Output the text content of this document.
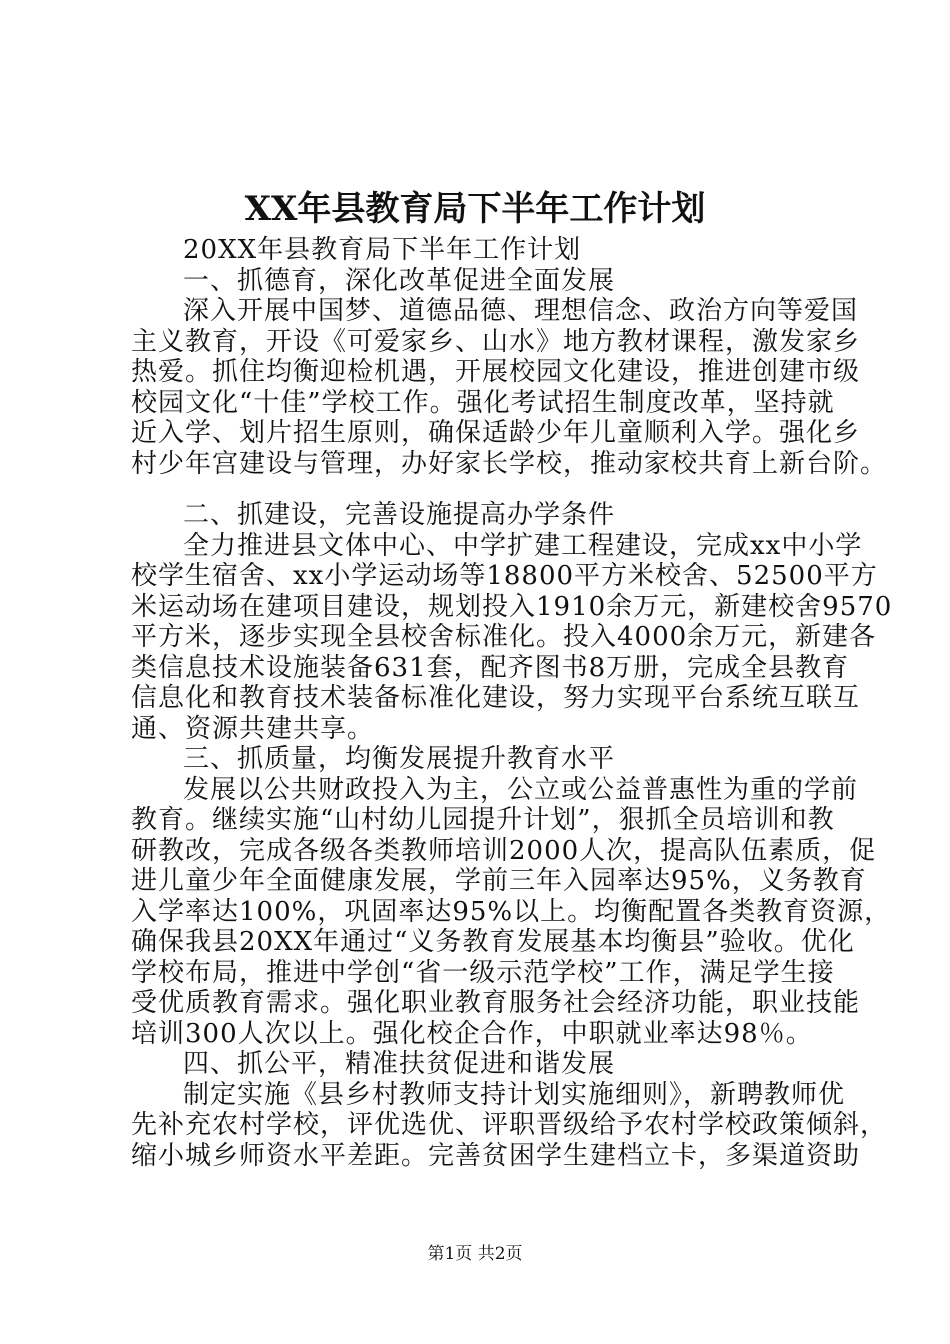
XX年县教育局下半年工作计划
20XX年县教育局下半年工作计划
一、抓德育，深化改革促进全面发展
深入开展中国梦、道德品德、理想信念、政治方向等爱国
主义教育，开设《可爱家乡、山水》地方教材课程，激发家乡
热爱。抓住均衡迎检机遇，开展校园文化建设，推进创建市级
校园文化“十佳”学校工作。强化考试招生制度改革，坚持就
近入学、划片招生原则，确保适龄少年儿童顺利入学。强化乡
村少年宫建设与管理，办好家长学校，推动家校共育上新台阶。
二、抓建设，完善设施提高办学条件
全力推进县文体中心、中学扩建工程建设，完成xx中小学
校学生宿舍、xx小学运动场等18800平方米校舍、52500平方
米运动场在建项目建设，规划投入1910余万元，新建校舍9570
平方米，逐步实现全县校舍标准化。投入4000余万元，新建各
类信息技术设施装备631套，配齐图书8万册，完成全县教育
信息化和教育技术装备标准化建设，努力实现平台系统互联互
通、资源共建共享。
三、抓质量，均衡发展提升教育水平
发展以公共财政投入为主，公立或公益普惠性为重的学前
教育。继续实施“山村幼儿园提升计划”，狠抓全员培训和教
研教改，完成各级各类教师培训2000人次，提高队伍素质，促
进儿童少年全面健康发展，学前三年入园率达95%，义务教育
入学率达100%，巩固率达95%以上。均衡配置各类教育资源，
确保我县20XX年通过“义务教育发展基本均衡县”验收。优化
学校布局，推进中学创“省一级示范学校”工作，满足学生接
受优质教育需求。强化职业教育服务社会经济功能，职业技能
培训300人次以上。强化校企合作，中职就业率达98％。
四、抓公平，精准扶贫促进和谐发展
制定实施《县乡村教师支持计划实施细则》，新聘教师优
先补充农村学校，评优选优、评职晋级给予农村学校政策倾斜，
缩小城乡师资水平差距。完善贫困学生建档立卡，多渠道资助
第1页 共2页
